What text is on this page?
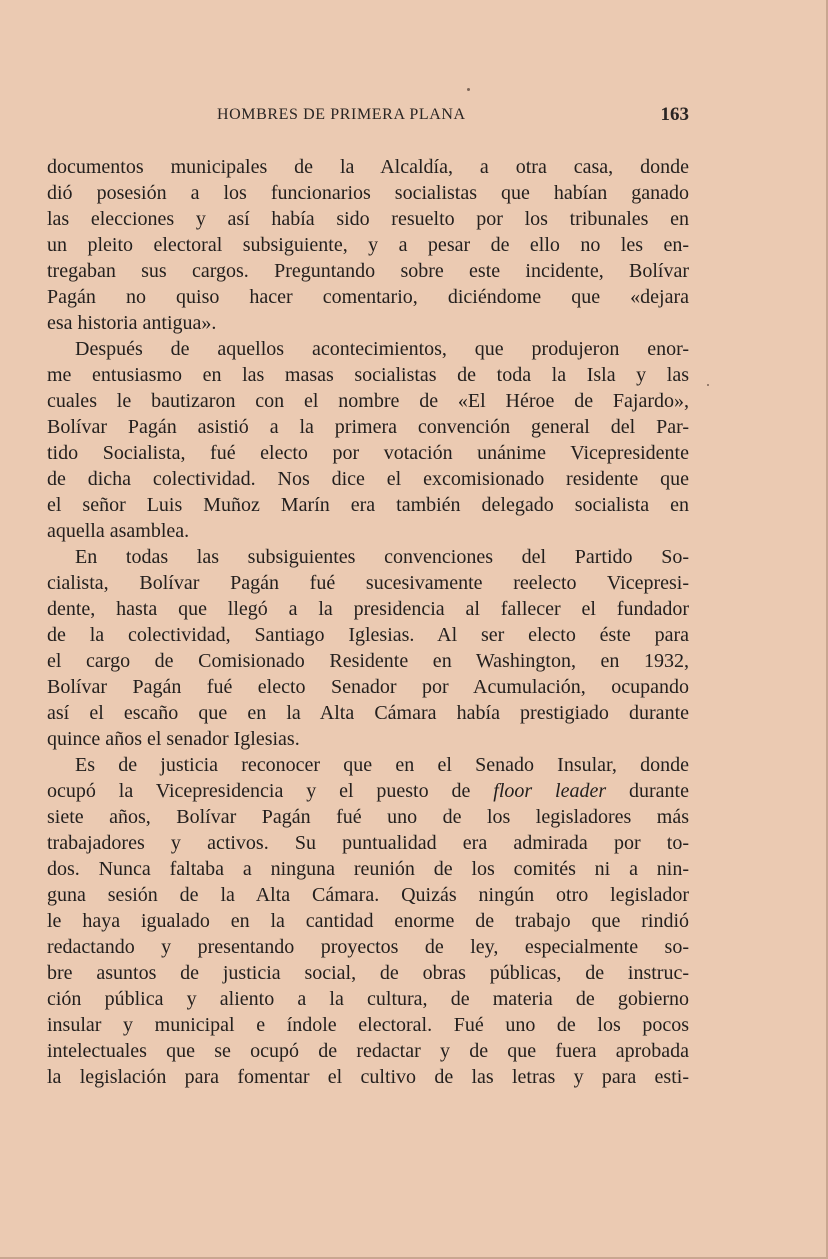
HOMBRES DE PRIMERA PLANA	163
documentos municipales de la Alcaldía, a otra casa, donde
dió posesión a los funcionarios socialistas que habían ganado
las elecciones y así había sido resuelto por los tribunales en
un pleito electoral subsiguiente, y a pesar de ello no les en-
tregaban sus cargos. Preguntando sobre este incidente, Bolívar
Pagán no quiso hacer comentario, diciéndome que «dejara
esa historia antigua».
Después de aquellos acontecimientos, que produjeron enor-
me entusiasmo en las masas socialistas de toda la Isla y las
cuales le bautizaron con el nombre de «El Héroe de Fajardo»,
Bolívar Pagán asistió a la primera convención general del Par-
tido Socialista, fué electo por votación unánime Vicepresidente
de dicha colectividad. Nos dice el excomisionado residente que
el señor Luis Muñoz Marín era también delegado socialista en
aquella asamblea.
En todas las subsiguientes convenciones del Partido So-
cialista, Bolívar Pagán fué sucesivamente reelecto Vicepresi-
dente, hasta que llegó a la presidencia al fallecer el fundador
de la colectividad, Santiago Iglesias. Al ser electo éste para
el cargo de Comisionado Residente en Washington, en 1932,
Bolívar Pagán fué electo Senador por Acumulación, ocupando
así el escaño que en la Alta Cámara había prestigiado durante
quince años el senador Iglesias.
Es de justicia reconocer que en el Senado Insular, donde
ocupó la Vicepresidencia y el puesto de floor leader durante
siete años, Bolívar Pagán fué uno de los legisladores más
trabajadores y activos. Su puntualidad era admirada por to-
dos. Nunca faltaba a ninguna reunión de los comités ni a nin-
guna sesión de la Alta Cámara. Quizás ningún otro legislador
le haya igualado en la cantidad enorme de trabajo que rindió
redactando y presentando proyectos de ley, especialmente so-
bre asuntos de justicia social, de obras públicas, de instruc-
ción pública y aliento a la cultura, de materia de gobierno
insular y municipal e índole electoral. Fué uno de los pocos
intelectuales que se ocupó de redactar y de que fuera aprobada
la legislación para fomentar el cultivo de las letras y para esti-
